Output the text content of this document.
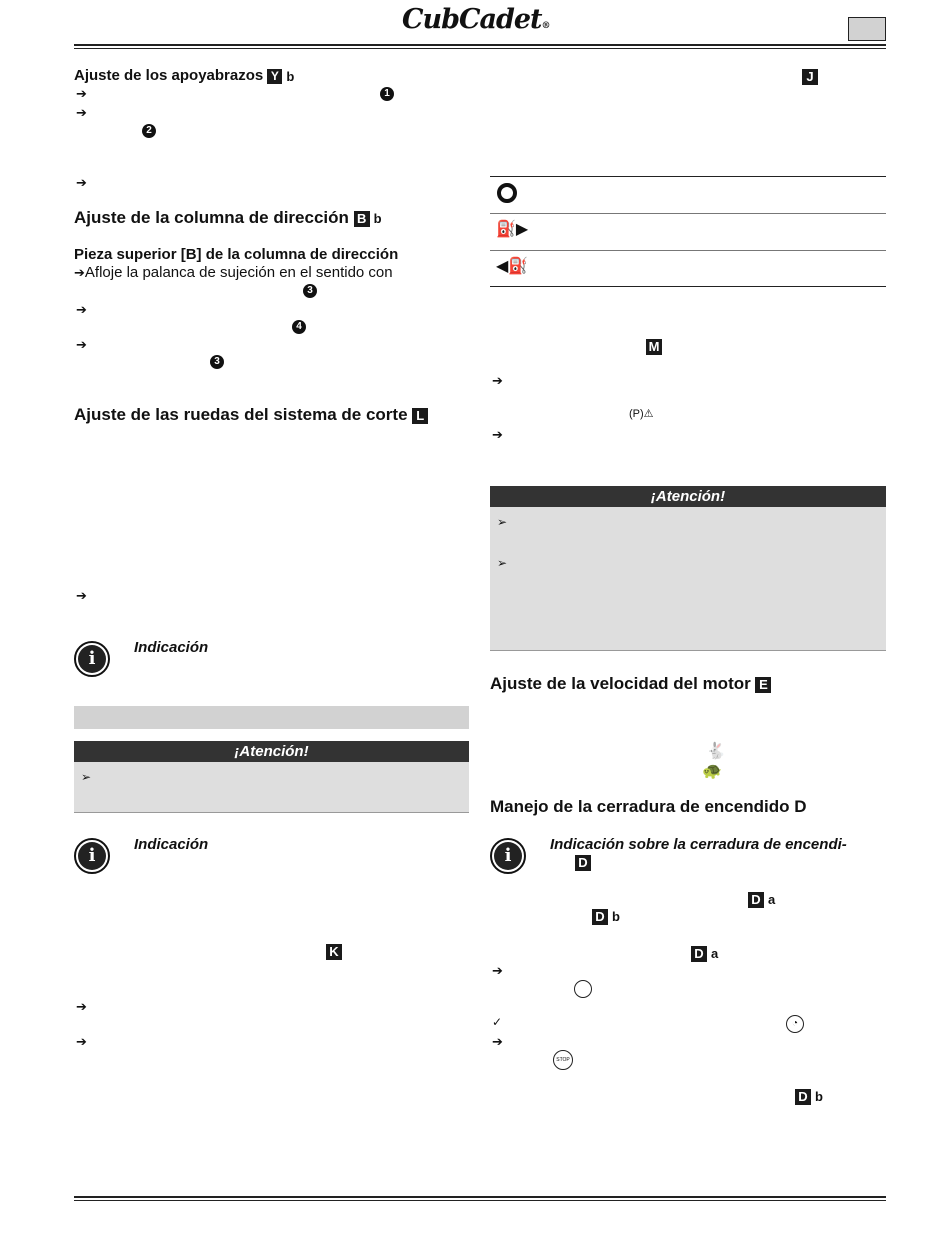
CubCadet®
Ajuste de los apoyabrazos Y b
➔	1
➔
2
➔
Ajuste de la columna de dirección B b
Pieza superior [B] de la columna de dirección
➔Afloje la palanca de sujeción en el sentido con
3
➔
4
➔
3
Ajuste de las ruedas del sistema de corte L
➔
i
Indicación
¡Atención!
➢
i
Indicación
K
➔
➔
J
⛽▶
◀⛽
M
➔
(P)⚠
➔
¡Atención!
➢
➢
Ajuste de la velocidad del motor E
🐇
🐢
Manejo de la cerradura de encendido D
i
Indicación sobre la cerradura de encendi-
D
D a
D b
D a
➔
✓	◔
➔
STOP
D b
